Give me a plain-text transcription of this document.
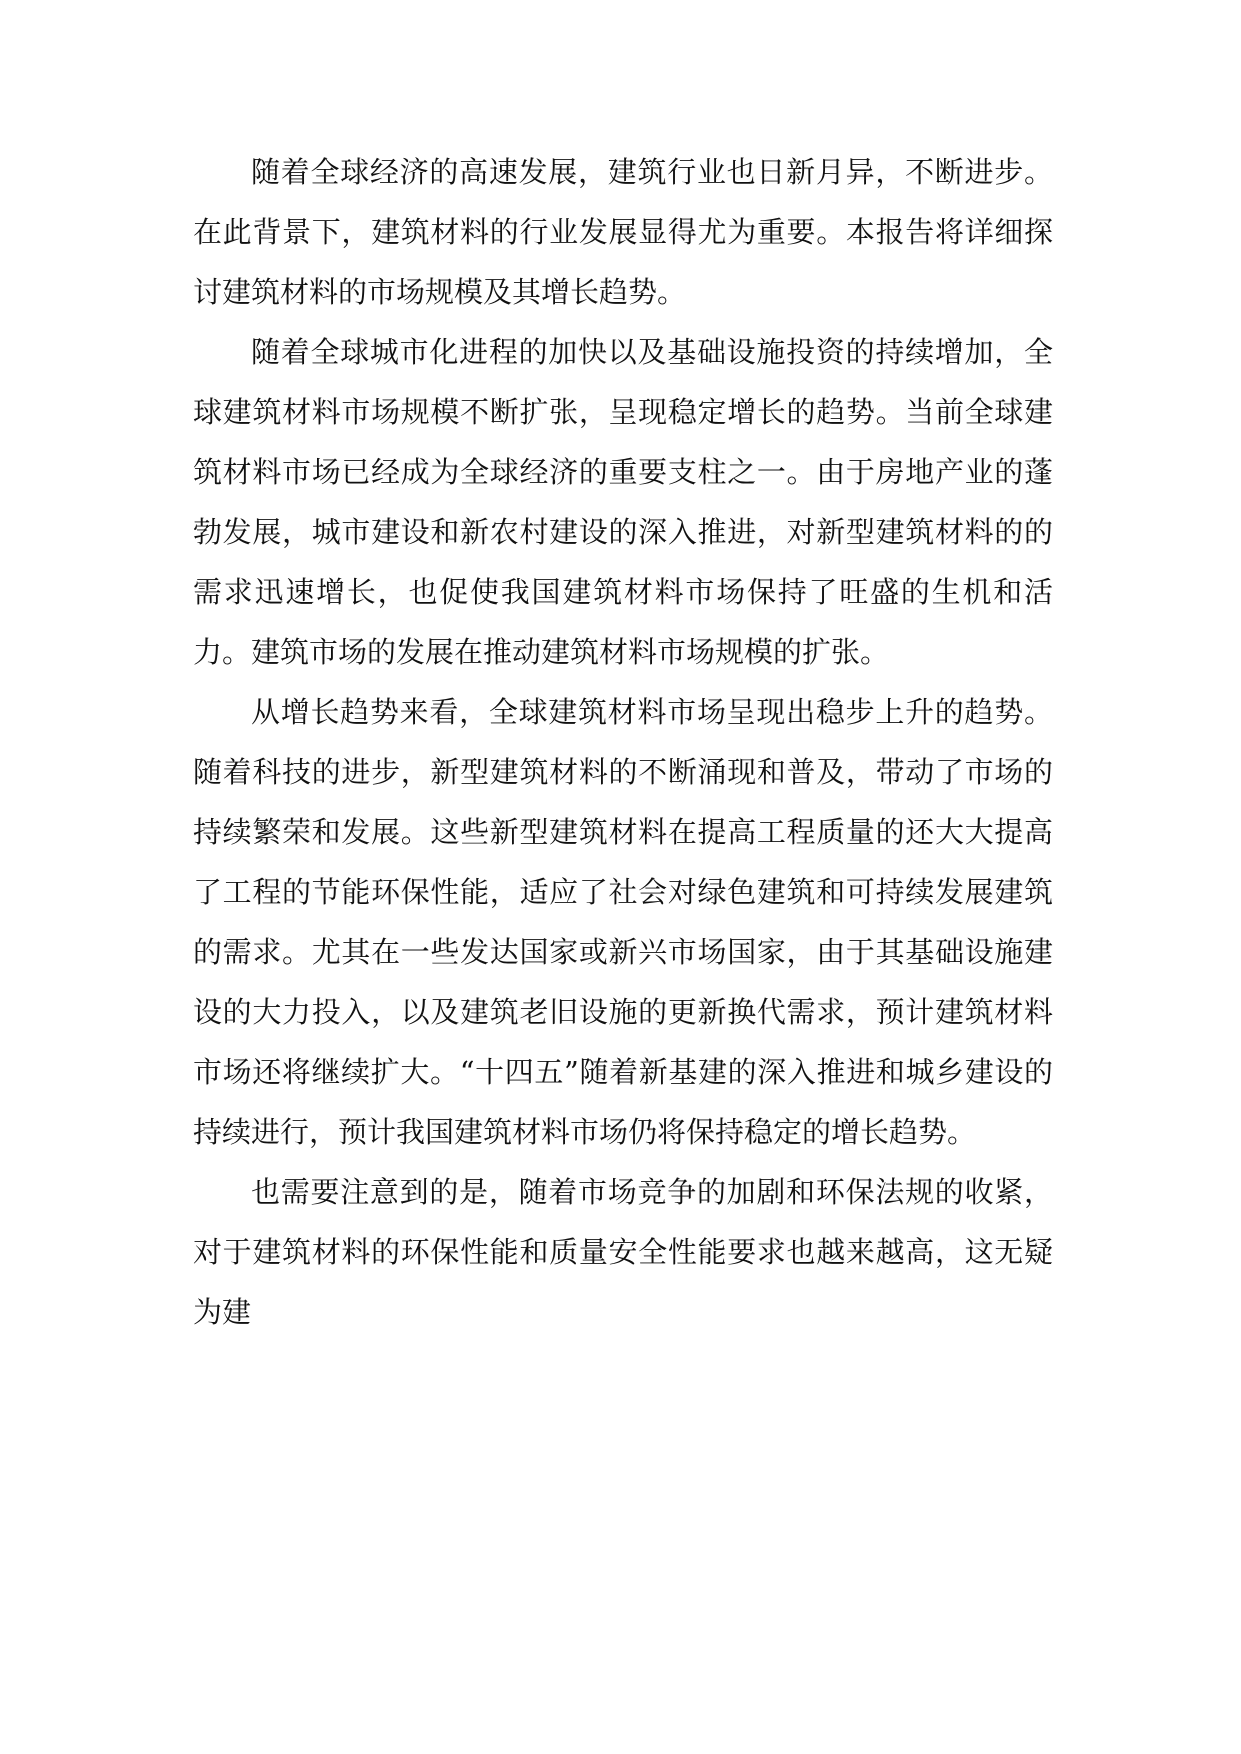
随着全球经济的高速发展，建筑行业也日新月异，不断进步。在此背景下，建筑材料的行业发展显得尤为重要。本报告将详细探讨建筑材料的市场规模及其增长趋势。

随着全球城市化进程的加快以及基础设施投资的持续增加，全球建筑材料市场规模不断扩张，呈现稳定增长的趋势。当前全球建筑材料市场已经成为全球经济的重要支柱之一。由于房地产业的蓬勃发展，城市建设和新农村建设的深入推进，对新型建筑材料的的需求迅速增长，也促使我国建筑材料市场保持了旺盛的生机和活力。建筑市场的发展在推动建筑材料市场规模的扩张。

从增长趋势来看，全球建筑材料市场呈现出稳步上升的趋势。随着科技的进步，新型建筑材料的不断涌现和普及，带动了市场的持续繁荣和发展。这些新型建筑材料在提高工程质量的还大大提高了工程的节能环保性能，适应了社会对绿色建筑和可持续发展建筑的需求。尤其在一些发达国家或新兴市场国家，由于其基础设施建设的大力投入，以及建筑老旧设施的更新换代需求，预计建筑材料市场还将继续扩大。“十四五”随着新基建的深入推进和城乡建设的持续进行，预计我国建筑材料市场仍将保持稳定的增长趋势。

也需要注意到的是，随着市场竞争的加剧和环保法规的收紧，对于建筑材料的环保性能和质量安全性能要求也越来越高，这无疑为建
